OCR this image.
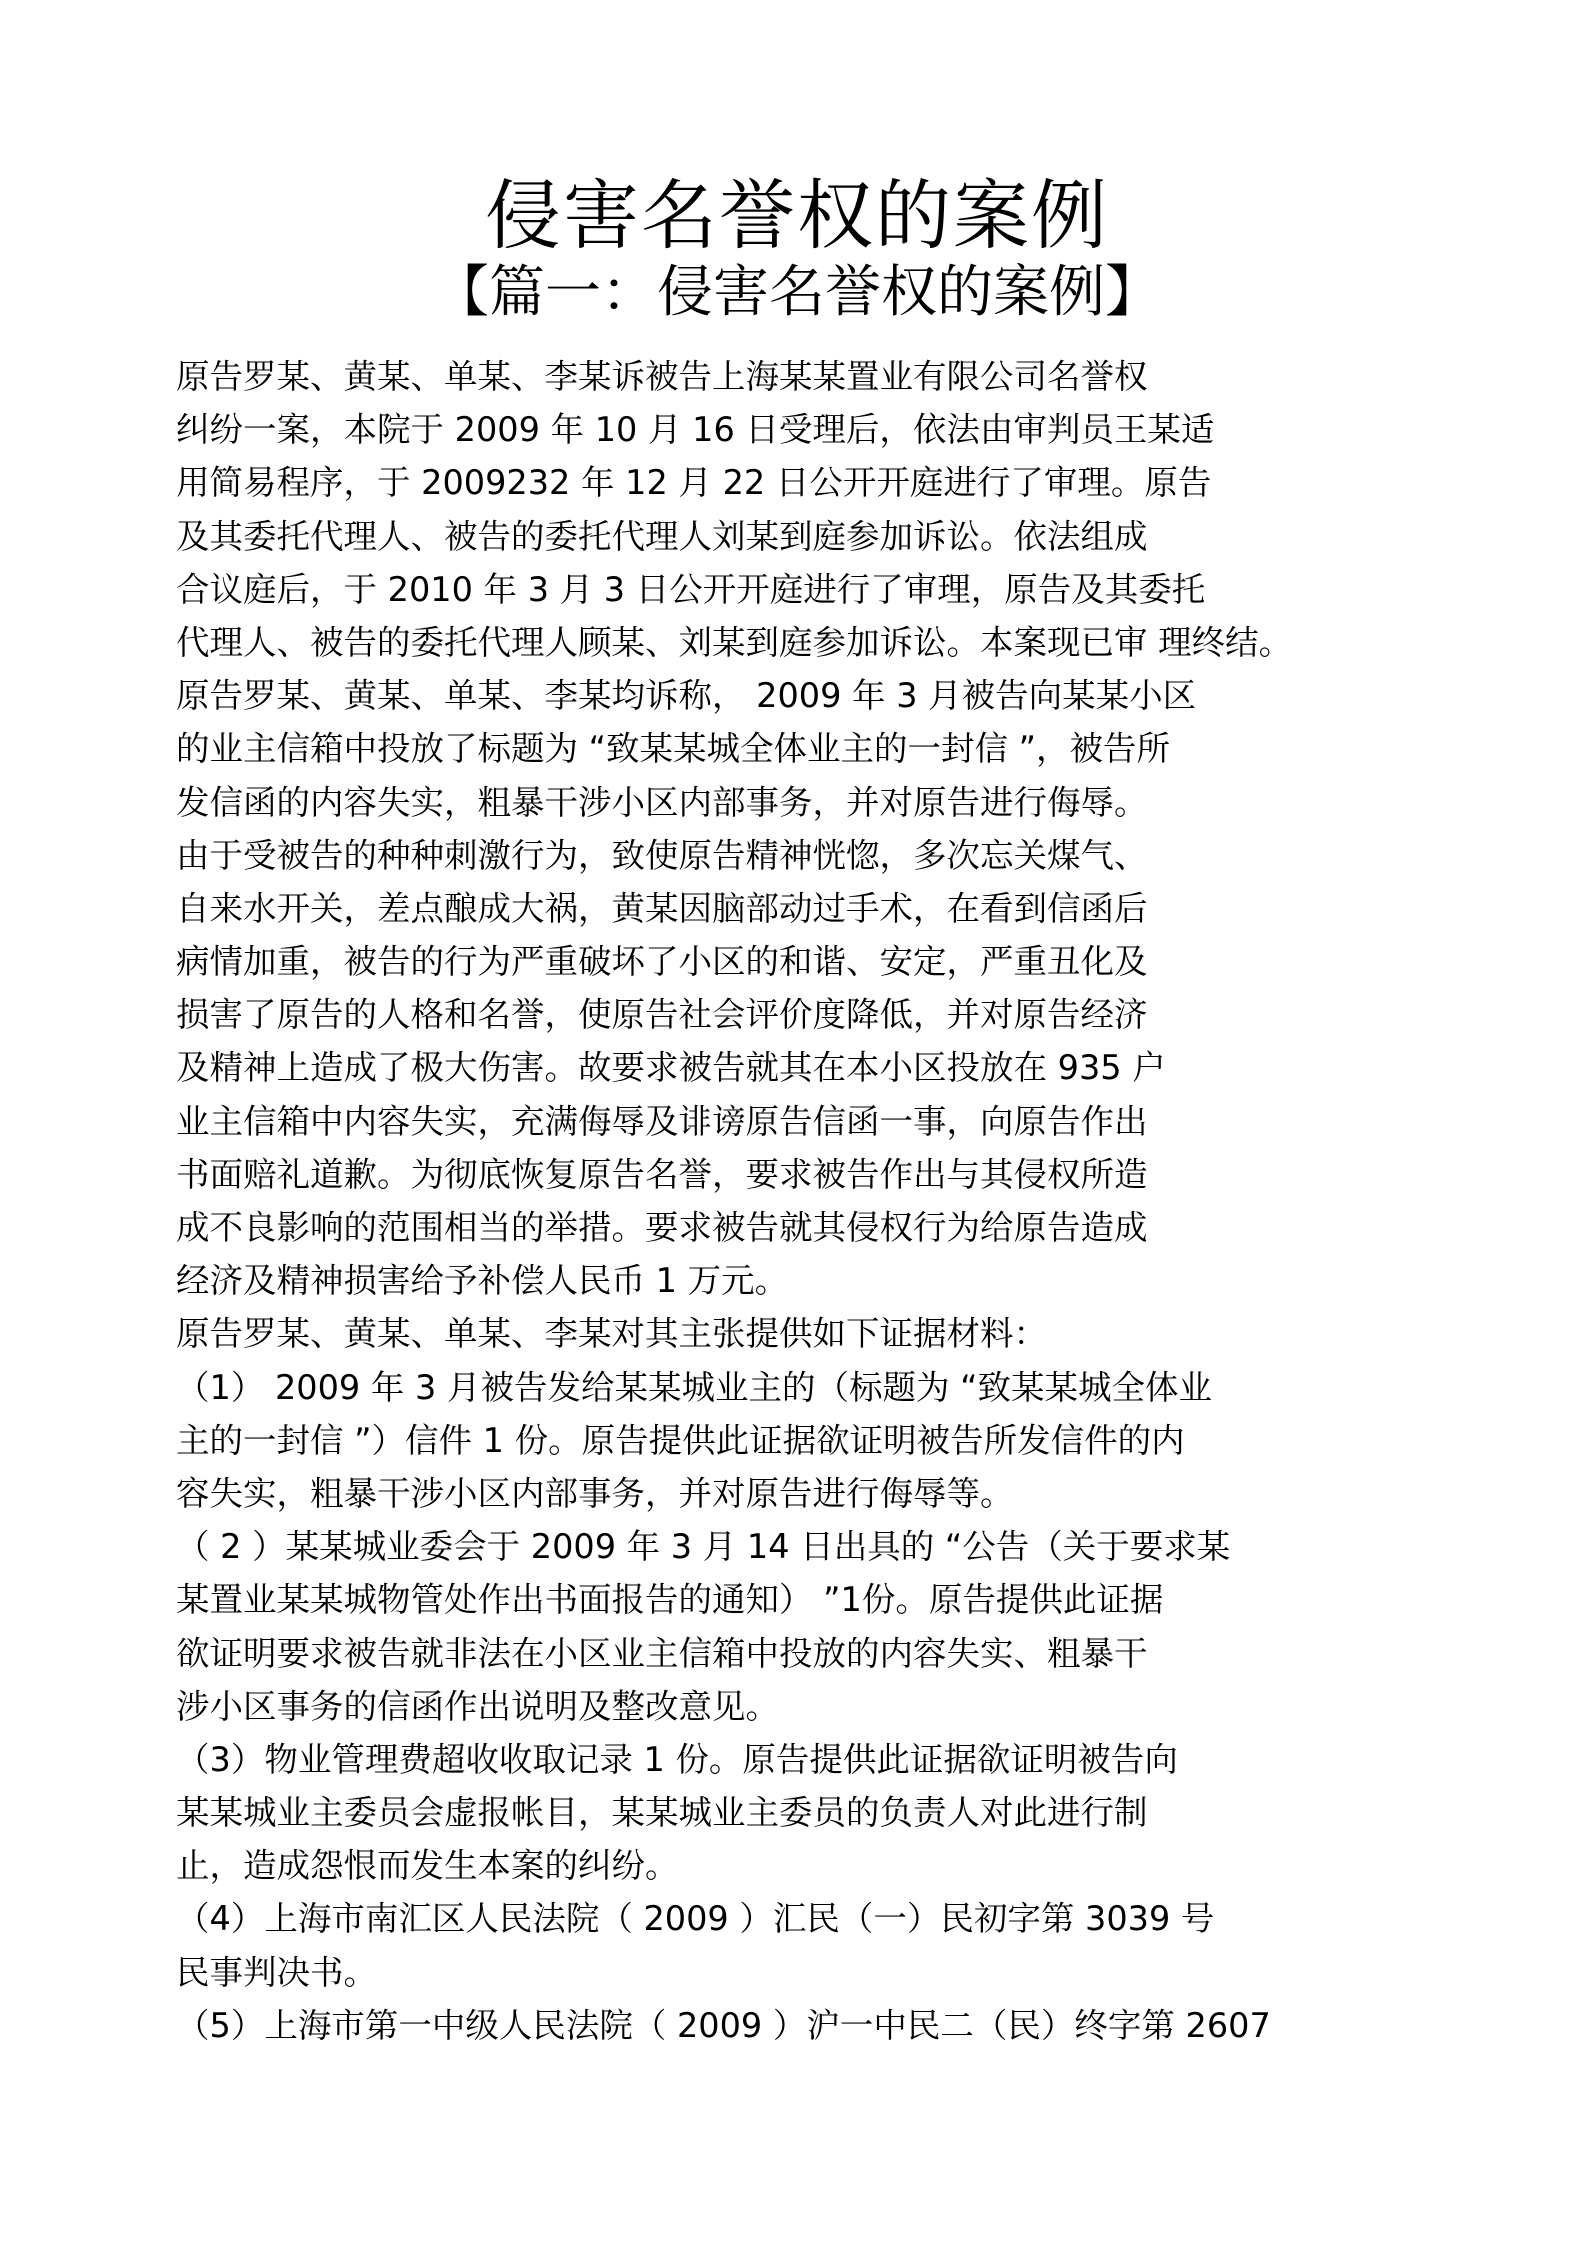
侵害名誉权的案例
【篇一：侵害名誉权的案例】
原告罗某、黄某、单某、李某诉被告上海某某置业有限公司名誉权
纠纷一案，本院于 2009 年 10 月 16 日受理后，依法由审判员王某适
用简易程序，于 2009232 年 12 月 22 日公开开庭进行了审理。原告
及其委托代理人、被告的委托代理人刘某到庭参加诉讼。依法组成
合议庭后，于 2010 年 3 月 3 日公开开庭进行了审理，原告及其委托
代理人、被告的委托代理人顾某、刘某到庭参加诉讼。本案现已审 理终结。
原告罗某、黄某、单某、李某均诉称， 2009 年 3 月被告向某某小区
的业主信箱中投放了标题为 “致某某城全体业主的一封信 ”，被告所
发信函的内容失实，粗暴干涉小区内部事务，并对原告进行侮辱。
由于受被告的种种刺激行为，致使原告精神恍惚，多次忘关煤气、
自来水开关，差点酿成大祸，黄某因脑部动过手术，在看到信函后
病情加重，被告的行为严重破坏了小区的和谐、安定，严重丑化及
损害了原告的人格和名誉，使原告社会评价度降低，并对原告经济
及精神上造成了极大伤害。故要求被告就其在本小区投放在 935 户
业主信箱中内容失实，充满侮辱及诽谤原告信函一事，向原告作出
书面赔礼道歉。为彻底恢复原告名誉，要求被告作出与其侵权所造
成不良影响的范围相当的举措。要求被告就其侵权行为给原告造成
经济及精神损害给予补偿人民币 1 万元。
原告罗某、黄某、单某、李某对其主张提供如下证据材料：
（1） 2009 年 3 月被告发给某某城业主的（标题为 “致某某城全体业
主的一封信 ”）信件 1 份。原告提供此证据欲证明被告所发信件的内
容失实，粗暴干涉小区内部事务，并对原告进行侮辱等。
（ 2 ）某某城业委会于 2009 年 3 月 14 日出具的 “公告（关于要求某
某置业某某城物管处作出书面报告的通知） ”1份。原告提供此证据
欲证明要求被告就非法在小区业主信箱中投放的内容失实、粗暴干
涉小区事务的信函作出说明及整改意见。
（3）物业管理费超收收取记录 1 份。原告提供此证据欲证明被告向
某某城业主委员会虚报帐目，某某城业主委员的负责人对此进行制
止，造成怨恨而发生本案的纠纷。
（4）上海市南汇区人民法院（ 2009 ）汇民（一）民初字第 3039 号
民事判决书。
（5）上海市第一中级人民法院（ 2009 ）沪一中民二（民）终字第 2607
